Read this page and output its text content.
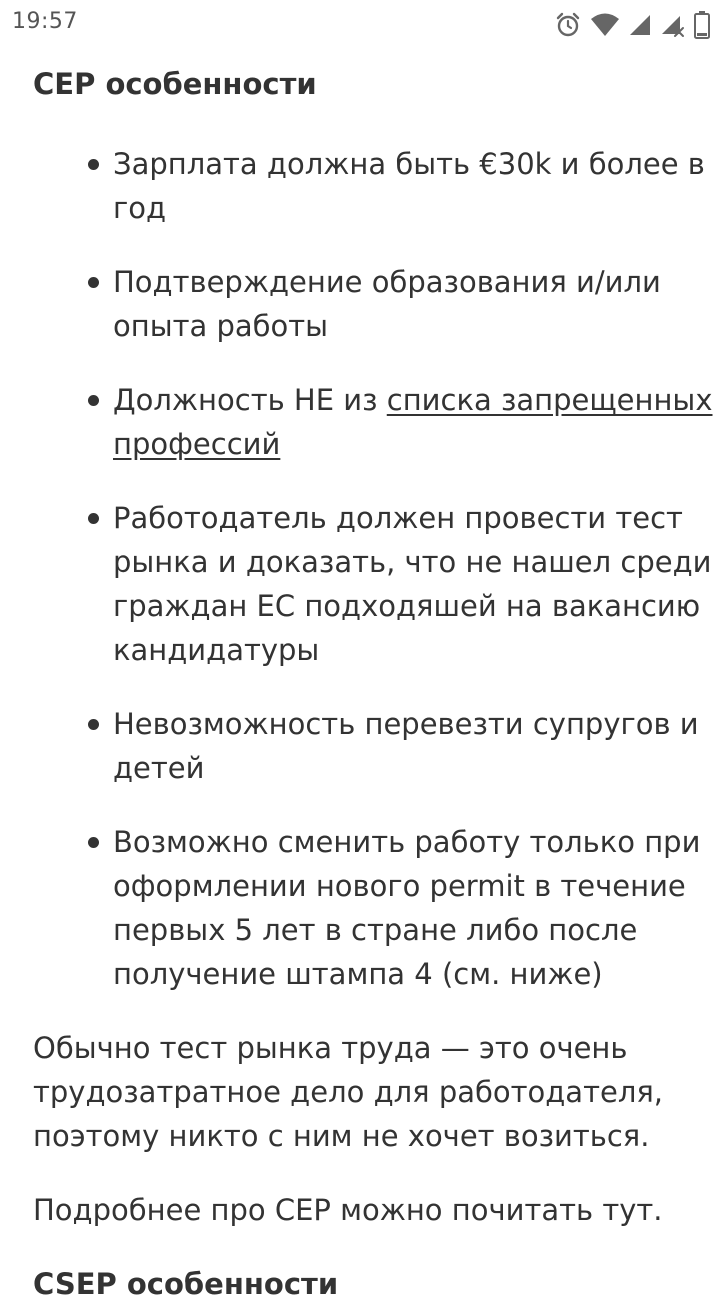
19:57
CEP особенности
Зарплата должна быть €30k и более в год
Подтверждение образования и/или опыта работы
Должность НЕ из списка запрещенных профессий
Работодатель должен провести тест рынка и доказать, что не нашел среди граждан ЕС подходяшей на вакансию кандидатуры
Невозможность перевезти супругов и детей
Возможно сменить работу только при оформлении нового permit в течение первых 5 лет в стране либо после получение штампа 4 (см. ниже)

Обычно тест рынка труда — это очень трудозатратное дело для работодателя, поэтому никто с ним не хочет возиться.

Подробнее про CEP можно почитать тут.

CSEP особенности
